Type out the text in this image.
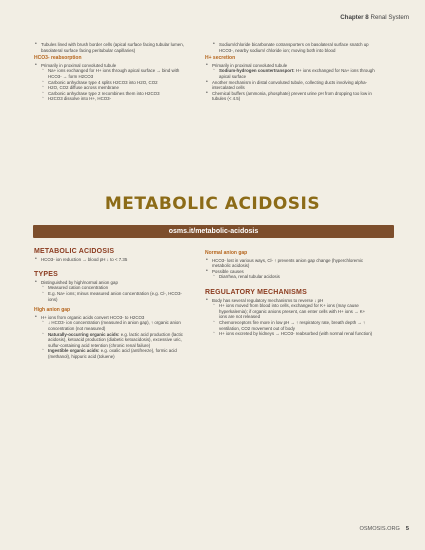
Chapter 8 Renal System
• Tubules lined with brush border cells (apical surface facing tubular lumen, basolateral surface facing peritubular capillaries)
HCO3- reabsorption
• Primarily in proximal convoluted tubule
◦ Na+ ions exchanged for H+ ions through apical surface → bind with HCO3- → form H2CO3
◦ Carbonic anhydrase type 4 splits H2CO3 into H2O, CO2
◦ H2O, CO2 diffuse across membrane
◦ Carbonic anhydrase type 2 recombines them into H2CO3
◦ H2CO3 dissolve into H+, HCO3-
• Sodium/chloride bicarbonate cotransporters on basolateral surface snatch up HCO3-, nearby sodium/ chloride ion; moving both into blood
H+ secretion
• Primarily in proximal convoluted tubule
◦ Sodium-hydrogen countertransport: H+ ions exchanged for Na+ ions through apical surface
• Another mechanism in distal convoluted tubule, collecting ducts involving alpha-intercalated cells
• Chemical buffers (ammonia, phosphate) prevent urine pH from dropping too low in tubules (< 4.5)
METABOLIC ACIDOSIS
osms.it/metabolic-acidosis
METABOLIC ACIDOSIS
• HCO3- ion reduction → blood pH ↓ to < 7.35
TYPES
• Distinguished by high/normal anion gap
◦ Measured cation concentration
◦ E.g. Na+ ions; minus measured anion concentration (e.g. Cl-, HCO3- ions)
High anion gap
• H+ ions from organic acids convert HCO3- to H2CO3
◦ ↓ HCO3- ion concentration (measured in anion gap), ↑ organic anion concentration (not measured)
◦ Naturally-occurring organic acids: e.g. lactic acid production (lactic acidosis), ketoacid production (diabetic ketoacidosis), excessive uric, sulfur-containing acid retention (chronic renal failure)
◦ Ingestible organic acids: e.g. oxalic acid (antifreeze), formic acid (methanol), hippuric acid (toluene)
Normal anion gap
• HCO3- lost in various ways, Cl- ↑ prevents anion gap change (hyperchloremic metabolic acidosis)
• Possible causes
◦ Diarrhea, renal tubular acidosis
REGULATORY MECHANISMS
• Body has several regulatory mechanisms to reverse ↓ pH
◦ H+ ions moved from blood into cells, exchanged for K+ ions (may cause hyperkalemia); if organic anions present, can enter cells with H+ ions → K+ ions are not released
◦ Chemoreceptors fire more in low pH → ↑ respiratory rate, breath depth → ↑ ventilation, CO2 movement out of body
◦ H+ ions excreted by kidneys → HCO3- reabsorbed (with normal renal function)
OSMOSIS.ORG 5
